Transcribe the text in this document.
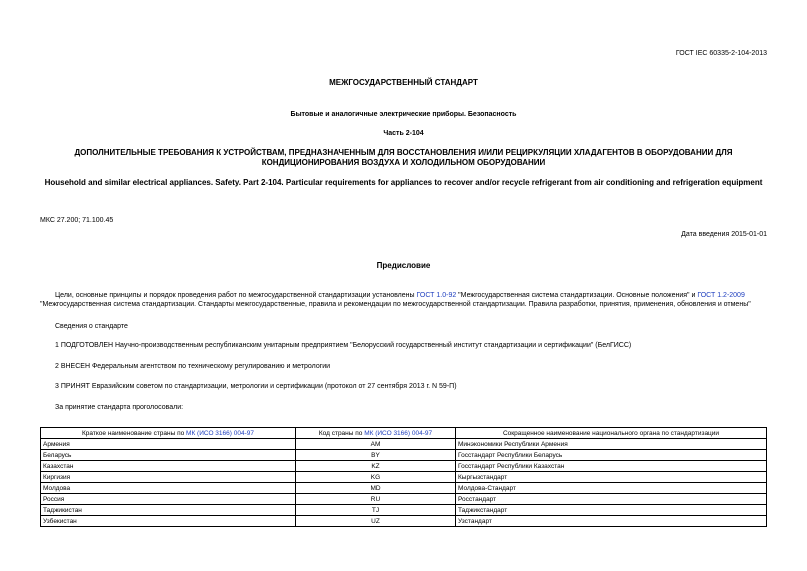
ГОСТ IEC 60335-2-104-2013
МЕЖГОСУДАРСТВЕННЫЙ СТАНДАРТ
Бытовые и аналогичные электрические приборы. Безопасность
Часть 2-104
ДОПОЛНИТЕЛЬНЫЕ ТРЕБОВАНИЯ К УСТРОЙСТВАМ, ПРЕДНАЗНАЧЕННЫМ ДЛЯ ВОССТАНОВЛЕНИЯ И/ИЛИ РЕЦИРКУЛЯЦИИ ХЛАДАГЕНТОВ В ОБОРУДОВАНИИ ДЛЯ КОНДИЦИОНИРОВАНИЯ ВОЗДУХА И ХОЛОДИЛЬНОМ ОБОРУДОВАНИИ
Household and similar electrical appliances. Safety. Part 2-104. Particular requirements for appliances to recover and/or recycle refrigerant from air conditioning and refrigeration equipment
МКС 27.200; 71.100.45
Дата введения 2015-01-01
Предисловие
Цели, основные принципы и порядок проведения работ по межгосударственной стандартизации установлены ГОСТ 1.0-92 "Межгосударственная система стандартизации. Основные положения" и ГОСТ 1.2-2009 "Межгосударственная система стандартизации. Стандарты межгосударственные, правила и рекомендации по межгосударственной стандартизации. Правила разработки, принятия, применения, обновления и отмены"
Сведения о стандарте
1 ПОДГОТОВЛЕН Научно-производственным республиканским унитарным предприятием "Белорусский государственный институт стандартизации и сертификации" (БелГИСС)
2 ВНЕСЕН Федеральным агентством по техническому регулированию и метрологии
3 ПРИНЯТ Евразийским советом по стандартизации, метрологии и сертификации (протокол от 27 сентября 2013 г. N 59-П)
За принятие стандарта проголосовали:
Краткое наименование страны по МК (ИСО 3166) 004-97	Код страны по МК (ИСО 3166) 004-97	Сокращенное наименование национального органа по стандартизации
Армения	AM	Минэкономики Республики Армения
Беларусь	BY	Госстандарт Республики Беларусь
Казахстан	KZ	Госстандарт Республики Казахстан
Киргизия	KG	Кыргызстандарт
Молдова	MD	Молдова-Стандарт
Россия	RU	Росстандарт
Таджикистан	TJ	Таджикстандарт
Узбекистан	UZ	Узстандарт
